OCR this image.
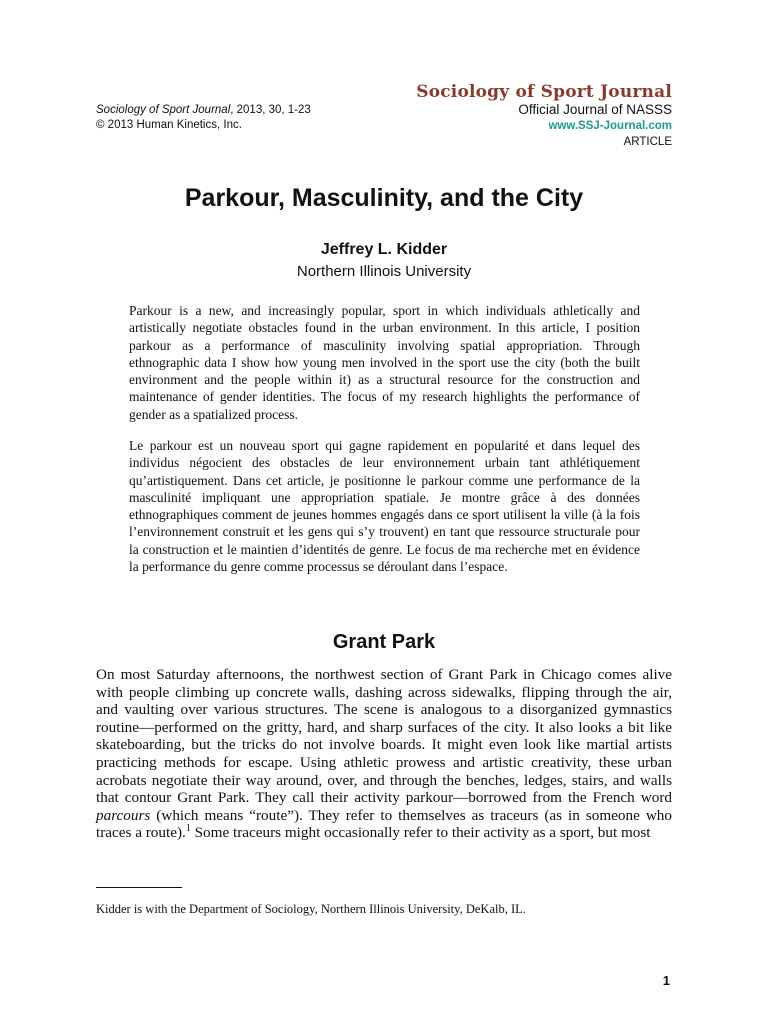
Sociology of Sport Journal, 2013, 30, 1-23
© 2013 Human Kinetics, Inc.
Sociology of Sport Journal
Official Journal of NASSS
www.SSJ-Journal.com
ARTICLE
Parkour, Masculinity, and the City
Jeffrey L. Kidder
Northern Illinois University

Parkour is a new, and increasingly popular, sport in which individuals athletically and artistically negotiate obstacles found in the urban environment. In this article, I position parkour as a performance of masculinity involving spatial appropriation. Through ethnographic data I show how young men involved in the sport use the city (both the built environment and the people within it) as a structural resource for the construction and maintenance of gender identities. The focus of my research highlights the performance of gender as a spatialized process.

Le parkour est un nouveau sport qui gagne rapidement en popularité et dans lequel des individus négocient des obstacles de leur environnement urbain tant athlétiquement qu’artistiquement. Dans cet article, je positionne le parkour comme une performance de la masculinité impliquant une appropriation spatiale. Je montre grâce à des données ethnographiques comment de jeunes hommes engagés dans ce sport utilisent la ville (à la fois l’environnement construit et les gens qui s’y trouvent) en tant que ressource structurale pour la construction et le maintien d’identités de genre. Le focus de ma recherche met en évidence la performance du genre comme processus se déroulant dans l’espace.

Grant Park

On most Saturday afternoons, the northwest section of Grant Park in Chicago comes alive with people climbing up concrete walls, dashing across sidewalks, flipping through the air, and vaulting over various structures. The scene is analogous to a disorganized gymnastics routine—performed on the gritty, hard, and sharp surfaces of the city. It also looks a bit like skateboarding, but the tricks do not involve boards. It might even look like martial artists practicing methods for escape. Using athletic prowess and artistic creativity, these urban acrobats negotiate their way around, over, and through the benches, ledges, stairs, and walls that contour Grant Park. They call their activity parkour—borrowed from the French word parcours (which means “route”). They refer to themselves as traceurs (as in someone who traces a route).$^1$ Some traceurs might occasionally refer to their activity as a sport, but most

Kidder is with the Department of Sociology, Northern Illinois University, DeKalb, IL.
1
